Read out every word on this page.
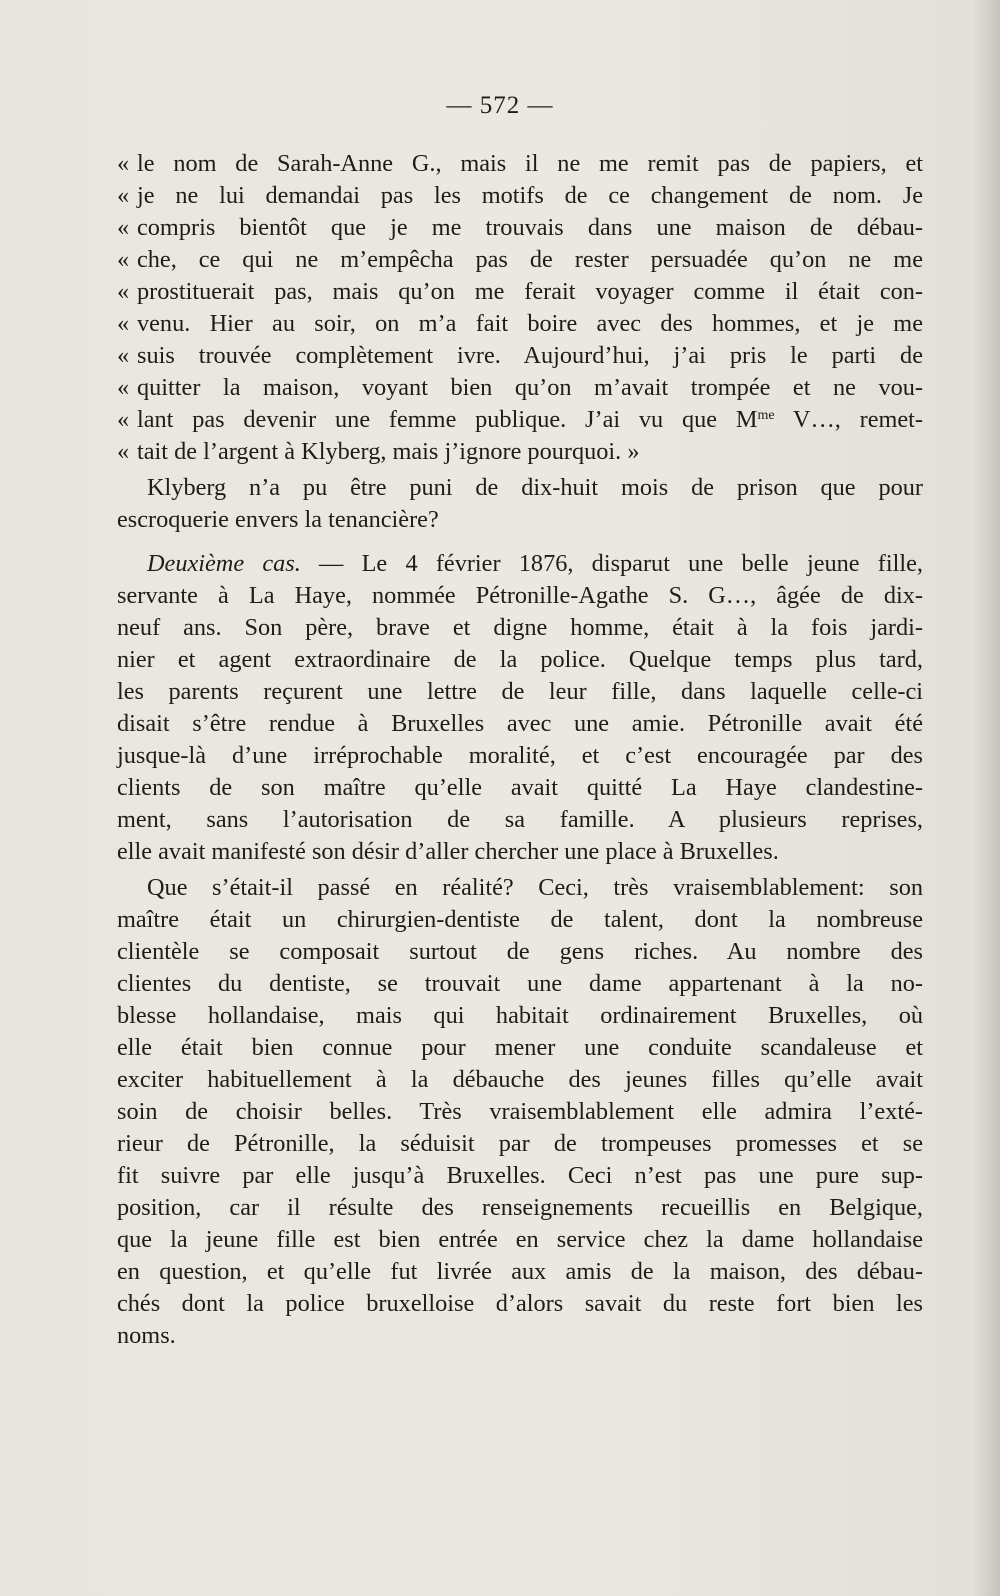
— 572 —
« le nom de Sarah-Anne G., mais il ne me remit pas de papiers, et
« je ne lui demandai pas les motifs de ce changement de nom. Je
« compris bientôt que je me trouvais dans une maison de débau-
« che, ce qui ne m’empêcha pas de rester persuadée qu’on ne me
« prostituerait pas, mais qu’on me ferait voyager comme il était con-
« venu. Hier au soir, on m’a fait boire avec des hommes, et je me
« suis trouvée complètement ivre. Aujourd’hui, j’ai pris le parti de
« quitter la maison, voyant bien qu’on m’avait trompée et ne vou-
« lant pas devenir une femme publique. J’ai vu que $M^{me}$ V…, remet-
« tait de l’argent à Klyberg, mais j’ignore pourquoi. »
Klyberg n’a pu être puni de dix-huit mois de prison que pour
escroquerie envers la tenancière?
Deuxième cas. — Le 4 février 1876, disparut une belle jeune fille,
servante à La Haye, nommée Pétronille-Agathe S. G…, âgée de dix-
neuf ans. Son père, brave et digne homme, était à la fois jardi-
nier et agent extraordinaire de la police. Quelque temps plus tard,
les parents reçurent une lettre de leur fille, dans laquelle celle-ci
disait s’être rendue à Bruxelles avec une amie. Pétronille avait été
jusque-là d’une irréprochable moralité, et c’est encouragée par des
clients de son maître qu’elle avait quitté La Haye clandestine-
ment, sans l’autorisation de sa famille. A plusieurs reprises,
elle avait manifesté son désir d’aller chercher une place à Bruxelles.
Que s’était-il passé en réalité? Ceci, très vraisemblablement: son
maître était un chirurgien-dentiste de talent, dont la nombreuse
clientèle se composait surtout de gens riches. Au nombre des
clientes du dentiste, se trouvait une dame appartenant à la no-
blesse hollandaise, mais qui habitait ordinairement Bruxelles, où
elle était bien connue pour mener une conduite scandaleuse et
exciter habituellement à la débauche des jeunes filles qu’elle avait
soin de choisir belles. Très vraisemblablement elle admira l’exté-
rieur de Pétronille, la séduisit par de trompeuses promesses et se
fit suivre par elle jusqu’à Bruxelles. Ceci n’est pas une pure sup-
position, car il résulte des renseignements recueillis en Belgique,
que la jeune fille est bien entrée en service chez la dame hollandaise
en question, et qu’elle fut livrée aux amis de la maison, des débau-
chés dont la police bruxelloise d’alors savait du reste fort bien les
noms.
